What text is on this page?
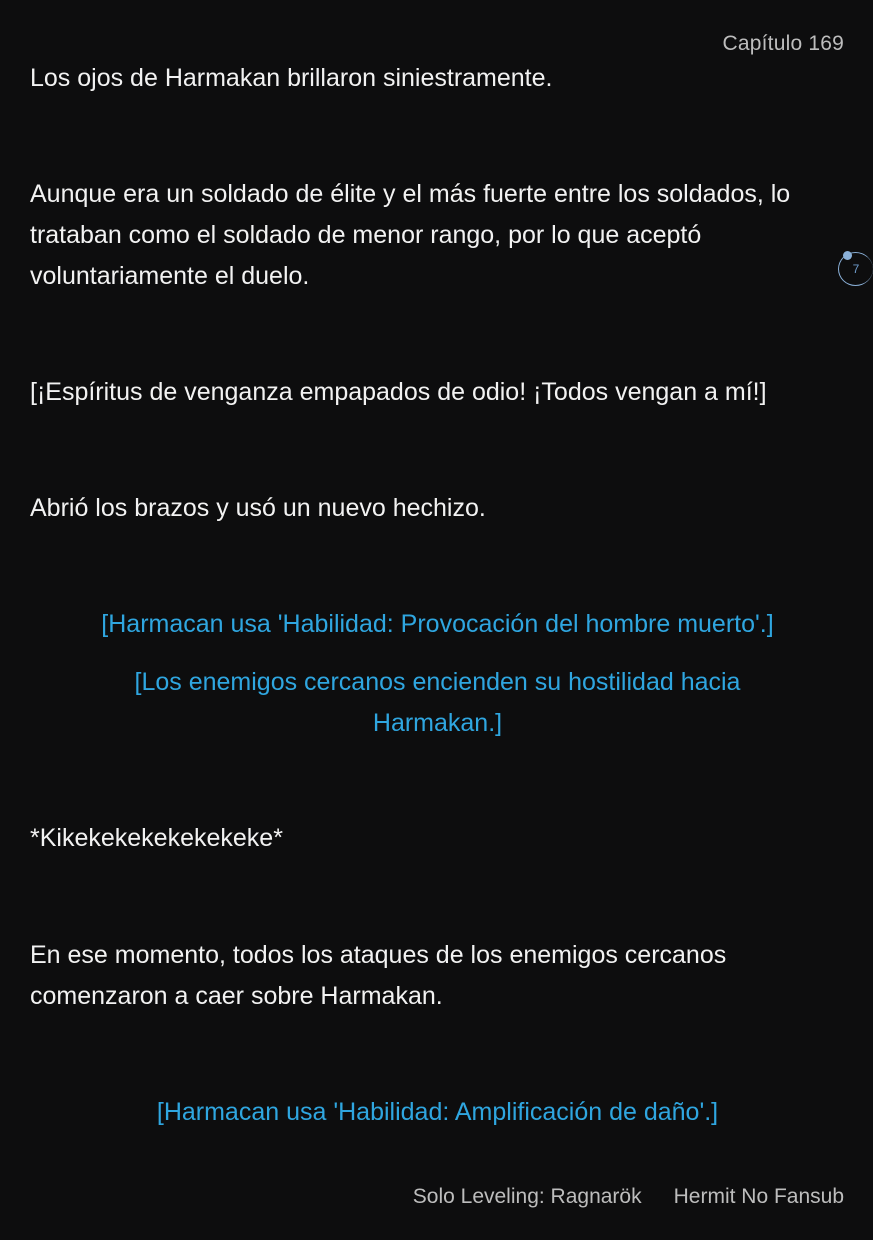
Capítulo 169

Los ojos de Harmakan brillaron siniestramente.

Aunque era un soldado de élite y el más fuerte entre los soldados, lo trataban como el soldado de menor rango, por lo que aceptó voluntariamente el duelo.

[¡Espíritus de venganza empapados de odio! ¡Todos vengan a mí!]

Abrió los brazos y usó un nuevo hechizo.

[Harmacan usa 'Habilidad: Provocación del hombre muerto'.]

[Los enemigos cercanos encienden su hostilidad hacia Harmakan.]

*Kikekekekekekekeke*

En ese momento, todos los ataques de los enemigos cercanos comenzaron a caer sobre Harmakan.

[Harmacan usa 'Habilidad: Amplificación de daño'.]

7
Solo Leveling: Ragnarök Hermit No Fansub
